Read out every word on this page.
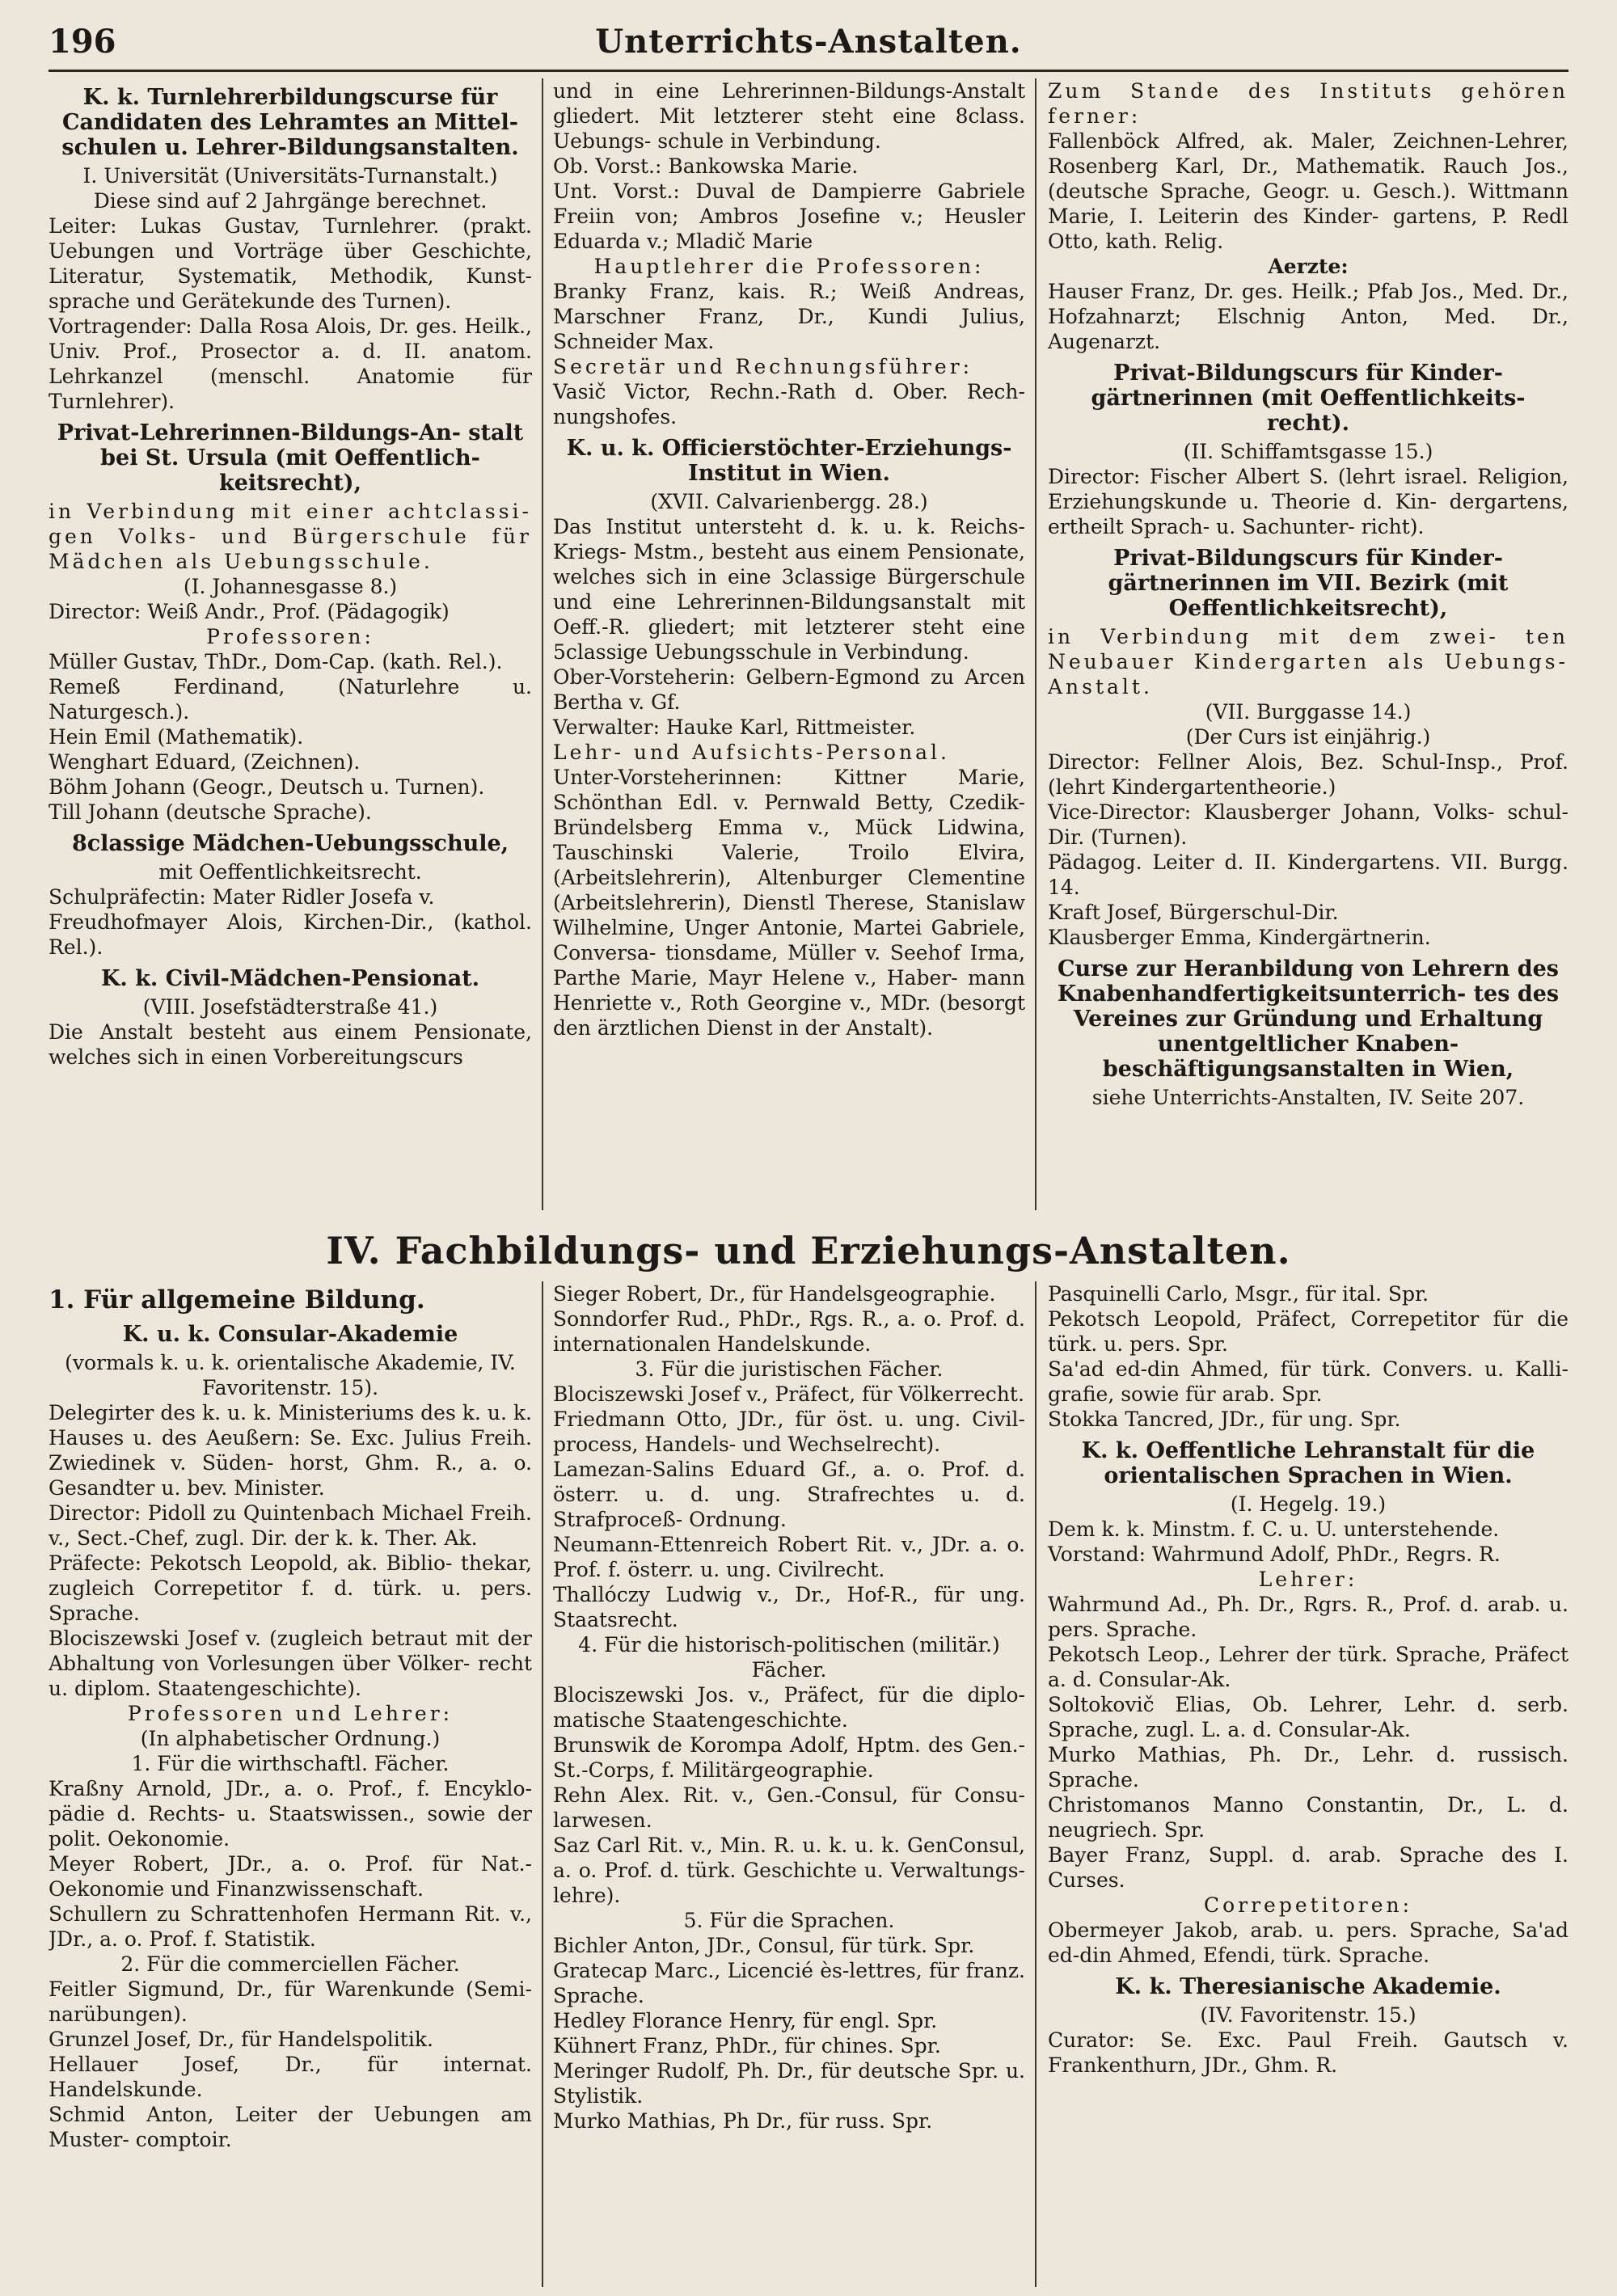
196	Unterrichts-Anstalten.
K. k. Turnlehrerbildungscurse für Candidaten des Lehramtes an Mittel- schulen u. Lehrer-Bildungsanstalten.
I. Universität (Universitäts-Turnanstalt.)
Diese sind auf 2 Jahrgänge berechnet.
Leiter: Lukas Gustav, Turnlehrer. (prakt. Uebungen und Vorträge über Geschichte, Literatur, Systematik, Methodik, Kunst- sprache und Gerätekunde des Turnen).
Vortragender: Dalla Rosa Alois, Dr. ges. Heilk., Univ. Prof., Prosector a. d. II. anatom. Lehrkanzel (menschl. Anatomie für Turnlehrer).
Privat-Lehrerinnen-Bildungs-An- stalt bei St. Ursula (mit Oeffentlich- keitsrecht),
in Verbindung mit einer achtclassi- gen Volks- und Bürgerschule für Mädchen als Uebungsschule.
(I. Johannesgasse 8.)
Director: Weiß Andr., Prof. (Pädagogik)
Professoren:
Müller Gustav, ThDr., Dom-Cap. (kath. Rel.).
Remeß Ferdinand, (Naturlehre u. Naturgesch.).
Hein Emil (Mathematik).
Wenghart Eduard, (Zeichnen).
Böhm Johann (Geogr., Deutsch u. Turnen).
Till Johann (deutsche Sprache).
8classige Mädchen-Uebungsschule,
mit Oeffentlichkeitsrecht.
Schulpräfectin: Mater Ridler Josefa v.
Freudhofmayer Alois, Kirchen-Dir., (kathol. Rel.).
K. k. Civil-Mädchen-Pensionat.
(VIII. Josefstädterstraße 41.)
Die Anstalt besteht aus einem Pensionate, welches sich in einen Vorbereitungscurs
und in eine Lehrerinnen-Bildungs-Anstalt gliedert. Mit letzterer steht eine 8class. Uebungs- schule in Verbindung.
Ob. Vorst.: Bankowska Marie.
Unt. Vorst.: Duval de Dampierre Gabriele Freiin von; Ambros Josefine v.; Heusler Eduarda v.; Mladič Marie
Hauptlehrer die Professoren:
Branky Franz, kais. R.; Weiß Andreas, Marschner Franz, Dr., Kundi Julius, Schneider Max.
Secretär und Rechnungsführer:
Vasič Victor, Rechn.-Rath d. Ober. Rech- nungshofes.
K. u. k. Officierstöchter-Erziehungs- Institut in Wien.
(XVII. Calvarienbergg. 28.)
Das Institut untersteht d. k. u. k. Reichs-Kriegs- Mstm., besteht aus einem Pensionate, welches sich in eine 3classige Bürgerschule und eine Lehrerinnen-Bildungsanstalt mit Oeff.-R. gliedert; mit letzterer steht eine 5classige Uebungsschule in Verbindung.
Ober-Vorsteherin: Gelbern-Egmond zu Arcen Bertha v. Gf.
Verwalter: Hauke Karl, Rittmeister.
Lehr- und Aufsichts-Personal.
Unter-Vorsteherinnen: Kittner Marie, Schönthan Edl. v. Pernwald Betty, Czedik-Bründelsberg Emma v., Mück Lidwina, Tauschinski Valerie, Troilo Elvira, (Arbeitslehrerin), Altenburger Clementine (Arbeitslehrerin), Dienstl Therese, Stanislaw Wilhelmine, Unger Antonie, Martei Gabriele, Conversa- tionsdame, Müller v. Seehof Irma, Parthe Marie, Mayr Helene v., Haber- mann Henriette v., Roth Georgine v., MDr. (besorgt den ärztlichen Dienst in der Anstalt).
Zum Stande des Instituts gehören ferner:
Fallenböck Alfred, ak. Maler, Zeichnen-Lehrer, Rosenberg Karl, Dr., Mathematik. Rauch Jos., (deutsche Sprache, Geogr. u. Gesch.). Wittmann Marie, I. Leiterin des Kinder- gartens, P. Redl Otto, kath. Relig.
Aerzte:
Hauser Franz, Dr. ges. Heilk.; Pfab Jos., Med. Dr., Hofzahnarzt; Elschnig Anton, Med. Dr., Augenarzt.
Privat-Bildungscurs für Kinder- gärtnerinnen (mit Oeffentlichkeits- recht).
(II. Schiffamtsgasse 15.)
Director: Fischer Albert S. (lehrt israel. Religion, Erziehungskunde u. Theorie d. Kin- dergartens, ertheilt Sprach- u. Sachunter- richt).
Privat-Bildungscurs für Kinder- gärtnerinnen im VII. Bezirk (mit Oeffentlichkeitsrecht),
in Verbindung mit dem zwei- ten Neubauer Kindergarten als Uebungs-Anstalt.
(VII. Burggasse 14.)
(Der Curs ist einjährig.)
Director: Fellner Alois, Bez. Schul-Insp., Prof. (lehrt Kindergartentheorie.)
Vice-Director: Klausberger Johann, Volks- schul-Dir. (Turnen).
Pädagog. Leiter d. II. Kindergartens. VII. Burgg. 14.
Kraft Josef, Bürgerschul-Dir.
Klausberger Emma, Kindergärtnerin.
Curse zur Heranbildung von Lehrern des Knabenhandfertigkeitsunterrich- tes des Vereines zur Gründung und Erhaltung unentgeltlicher Knaben- beschäftigungsanstalten in Wien,
siehe Unterrichts-Anstalten, IV. Seite 207.
IV. Fachbildungs- und Erziehungs-Anstalten.
1. Für allgemeine Bildung.
K. u. k. Consular-Akademie
(vormals k. u. k. orientalische Akademie, IV. Favoritenstr. 15).
Delegirter des k. u. k. Ministeriums des k. u. k. Hauses u. des Aeußern: Se. Exc. Julius Freih. Zwiedinek v. Süden- horst, Ghm. R., a. o. Gesandter u. bev. Minister.
Director: Pidoll zu Quintenbach Michael Freih. v., Sect.-Chef, zugl. Dir. der k. k. Ther. Ak.
Präfecte: Pekotsch Leopold, ak. Biblio- thekar, zugleich Correpetitor f. d. türk. u. pers. Sprache.
Blociszewski Josef v. (zugleich betraut mit der Abhaltung von Vorlesungen über Völker- recht u. diplom. Staatengeschichte).
Professoren und Lehrer:
(In alphabetischer Ordnung.)
1. Für die wirthschaftl. Fächer.
Kraßny Arnold, JDr., a. o. Prof., f. Encyklo- pädie d. Rechts- u. Staatswissen., sowie der polit. Oekonomie.
Meyer Robert, JDr., a. o. Prof. für Nat.- Oekonomie und Finanzwissenschaft.
Schullern zu Schrattenhofen Hermann Rit. v., JDr., a. o. Prof. f. Statistik.
2. Für die commerciellen Fächer.
Feitler Sigmund, Dr., für Warenkunde (Semi- narübungen).
Grunzel Josef, Dr., für Handelspolitik.
Hellauer Josef, Dr., für internat. Handelskunde.
Schmid Anton, Leiter der Uebungen am Muster- comptoir.
Sieger Robert, Dr., für Handelsgeographie.
Sonndorfer Rud., PhDr., Rgs. R., a. o. Prof. d. internationalen Handelskunde.
3. Für die juristischen Fächer.
Blociszewski Josef v., Präfect, für Völkerrecht.
Friedmann Otto, JDr., für öst. u. ung. Civil- process, Handels- und Wechselrecht).
Lamezan-Salins Eduard Gf., a. o. Prof. d. österr. u. d. ung. Strafrechtes u. d. Strafproceß- Ordnung.
Neumann-Ettenreich Robert Rit. v., JDr. a. o. Prof. f. österr. u. ung. Civilrecht.
Thallóczy Ludwig v., Dr., Hof-R., für ung. Staatsrecht.
4. Für die historisch-politischen (militär.) Fächer.
Blociszewski Jos. v., Präfect, für die diplo- matische Staatengeschichte.
Brunswik de Korompa Adolf, Hptm. des Gen.- St.-Corps, f. Militärgeographie.
Rehn Alex. Rit. v., Gen.-Consul, für Consu- larwesen.
Saz Carl Rit. v., Min. R. u. k. u. k. GenConsul, a. o. Prof. d. türk. Geschichte u. Verwaltungs- lehre).
5. Für die Sprachen.
Bichler Anton, JDr., Consul, für türk. Spr.
Gratecap Marc., Licencié ès-lettres, für franz. Sprache.
Hedley Florance Henry, für engl. Spr.
Kühnert Franz, PhDr., für chines. Spr.
Meringer Rudolf, Ph. Dr., für deutsche Spr. u. Stylistik.
Murko Mathias, Ph Dr., für russ. Spr.
Pasquinelli Carlo, Msgr., für ital. Spr.
Pekotsch Leopold, Präfect, Correpetitor für die türk. u. pers. Spr.
Sa'ad ed-din Ahmed, für türk. Convers. u. Kalli- grafie, sowie für arab. Spr.
Stokka Tancred, JDr., für ung. Spr.
K. k. Oeffentliche Lehranstalt für die orientalischen Sprachen in Wien.
(I. Hegelg. 19.)
Dem k. k. Minstm. f. C. u. U. unterstehende.
Vorstand: Wahrmund Adolf, PhDr., Regrs. R.
Lehrer:
Wahrmund Ad., Ph. Dr., Rgrs. R., Prof. d. arab. u. pers. Sprache.
Pekotsch Leop., Lehrer der türk. Sprache, Präfect a. d. Consular-Ak.
Soltokovič Elias, Ob. Lehrer, Lehr. d. serb. Sprache, zugl. L. a. d. Consular-Ak.
Murko Mathias, Ph. Dr., Lehr. d. russisch. Sprache.
Christomanos Manno Constantin, Dr., L. d. neugriech. Spr.
Bayer Franz, Suppl. d. arab. Sprache des I. Curses.
Correpetitoren:
Obermeyer Jakob, arab. u. pers. Sprache, Sa'ad ed-din Ahmed, Efendi, türk. Sprache.
K. k. Theresianische Akademie.
(IV. Favoritenstr. 15.)
Curator: Se. Exc. Paul Freih. Gautsch v. Frankenthurn, JDr., Ghm. R.
